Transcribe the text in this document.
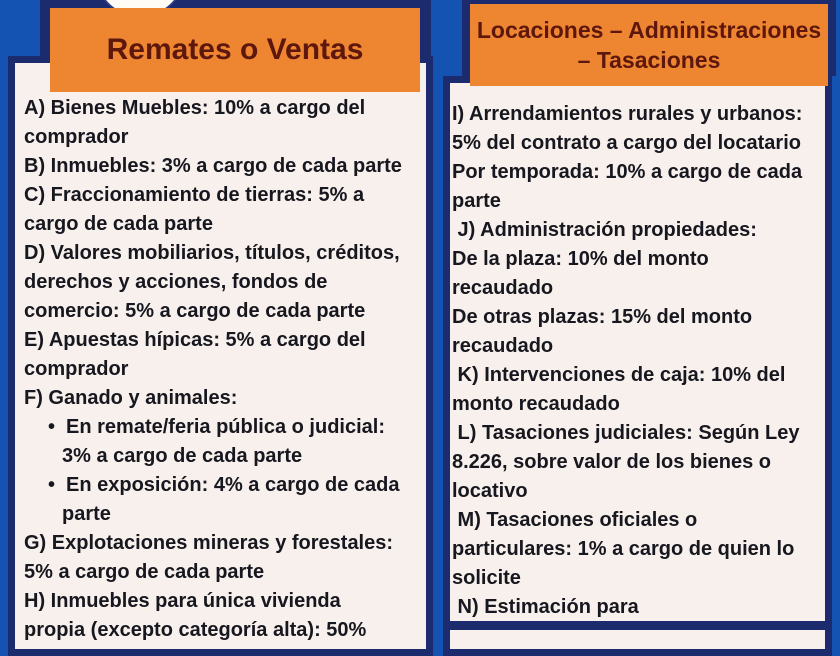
Remates o Ventas
Locaciones – Administraciones
– Tasaciones
A) Bienes Muebles: 10% a cargo del
comprador
B) Inmuebles: 3% a cargo de cada parte
C) Fraccionamiento de tierras: 5% a
cargo de cada parte
D) Valores mobiliarios, títulos, créditos,
derechos y acciones, fondos de
comercio: 5% a cargo de cada parte
E) Apuestas hípicas: 5% a cargo del
comprador
F) Ganado y animales:
• En remate/feria pública o judicial:
3% a cargo de cada parte
• En exposición: 4% a cargo de cada
parte
G) Explotaciones mineras y forestales:
5% a cargo de cada parte
H) Inmuebles para única vivienda
propia (excepto categoría alta): 50%
I) Arrendamientos rurales y urbanos:
5% del contrato a cargo del locatario
Por temporada: 10% a cargo de cada
parte
J) Administración propiedades:
De la plaza: 10% del monto
recaudado
De otras plazas: 15% del monto
recaudado
K) Intervenciones de caja: 10% del
monto recaudado
L) Tasaciones judiciales: Según Ley
8.226, sobre valor de los bienes o
locativo
M) Tasaciones oficiales o
particulares: 1% a cargo de quien lo
solicite
N) Estimación para
